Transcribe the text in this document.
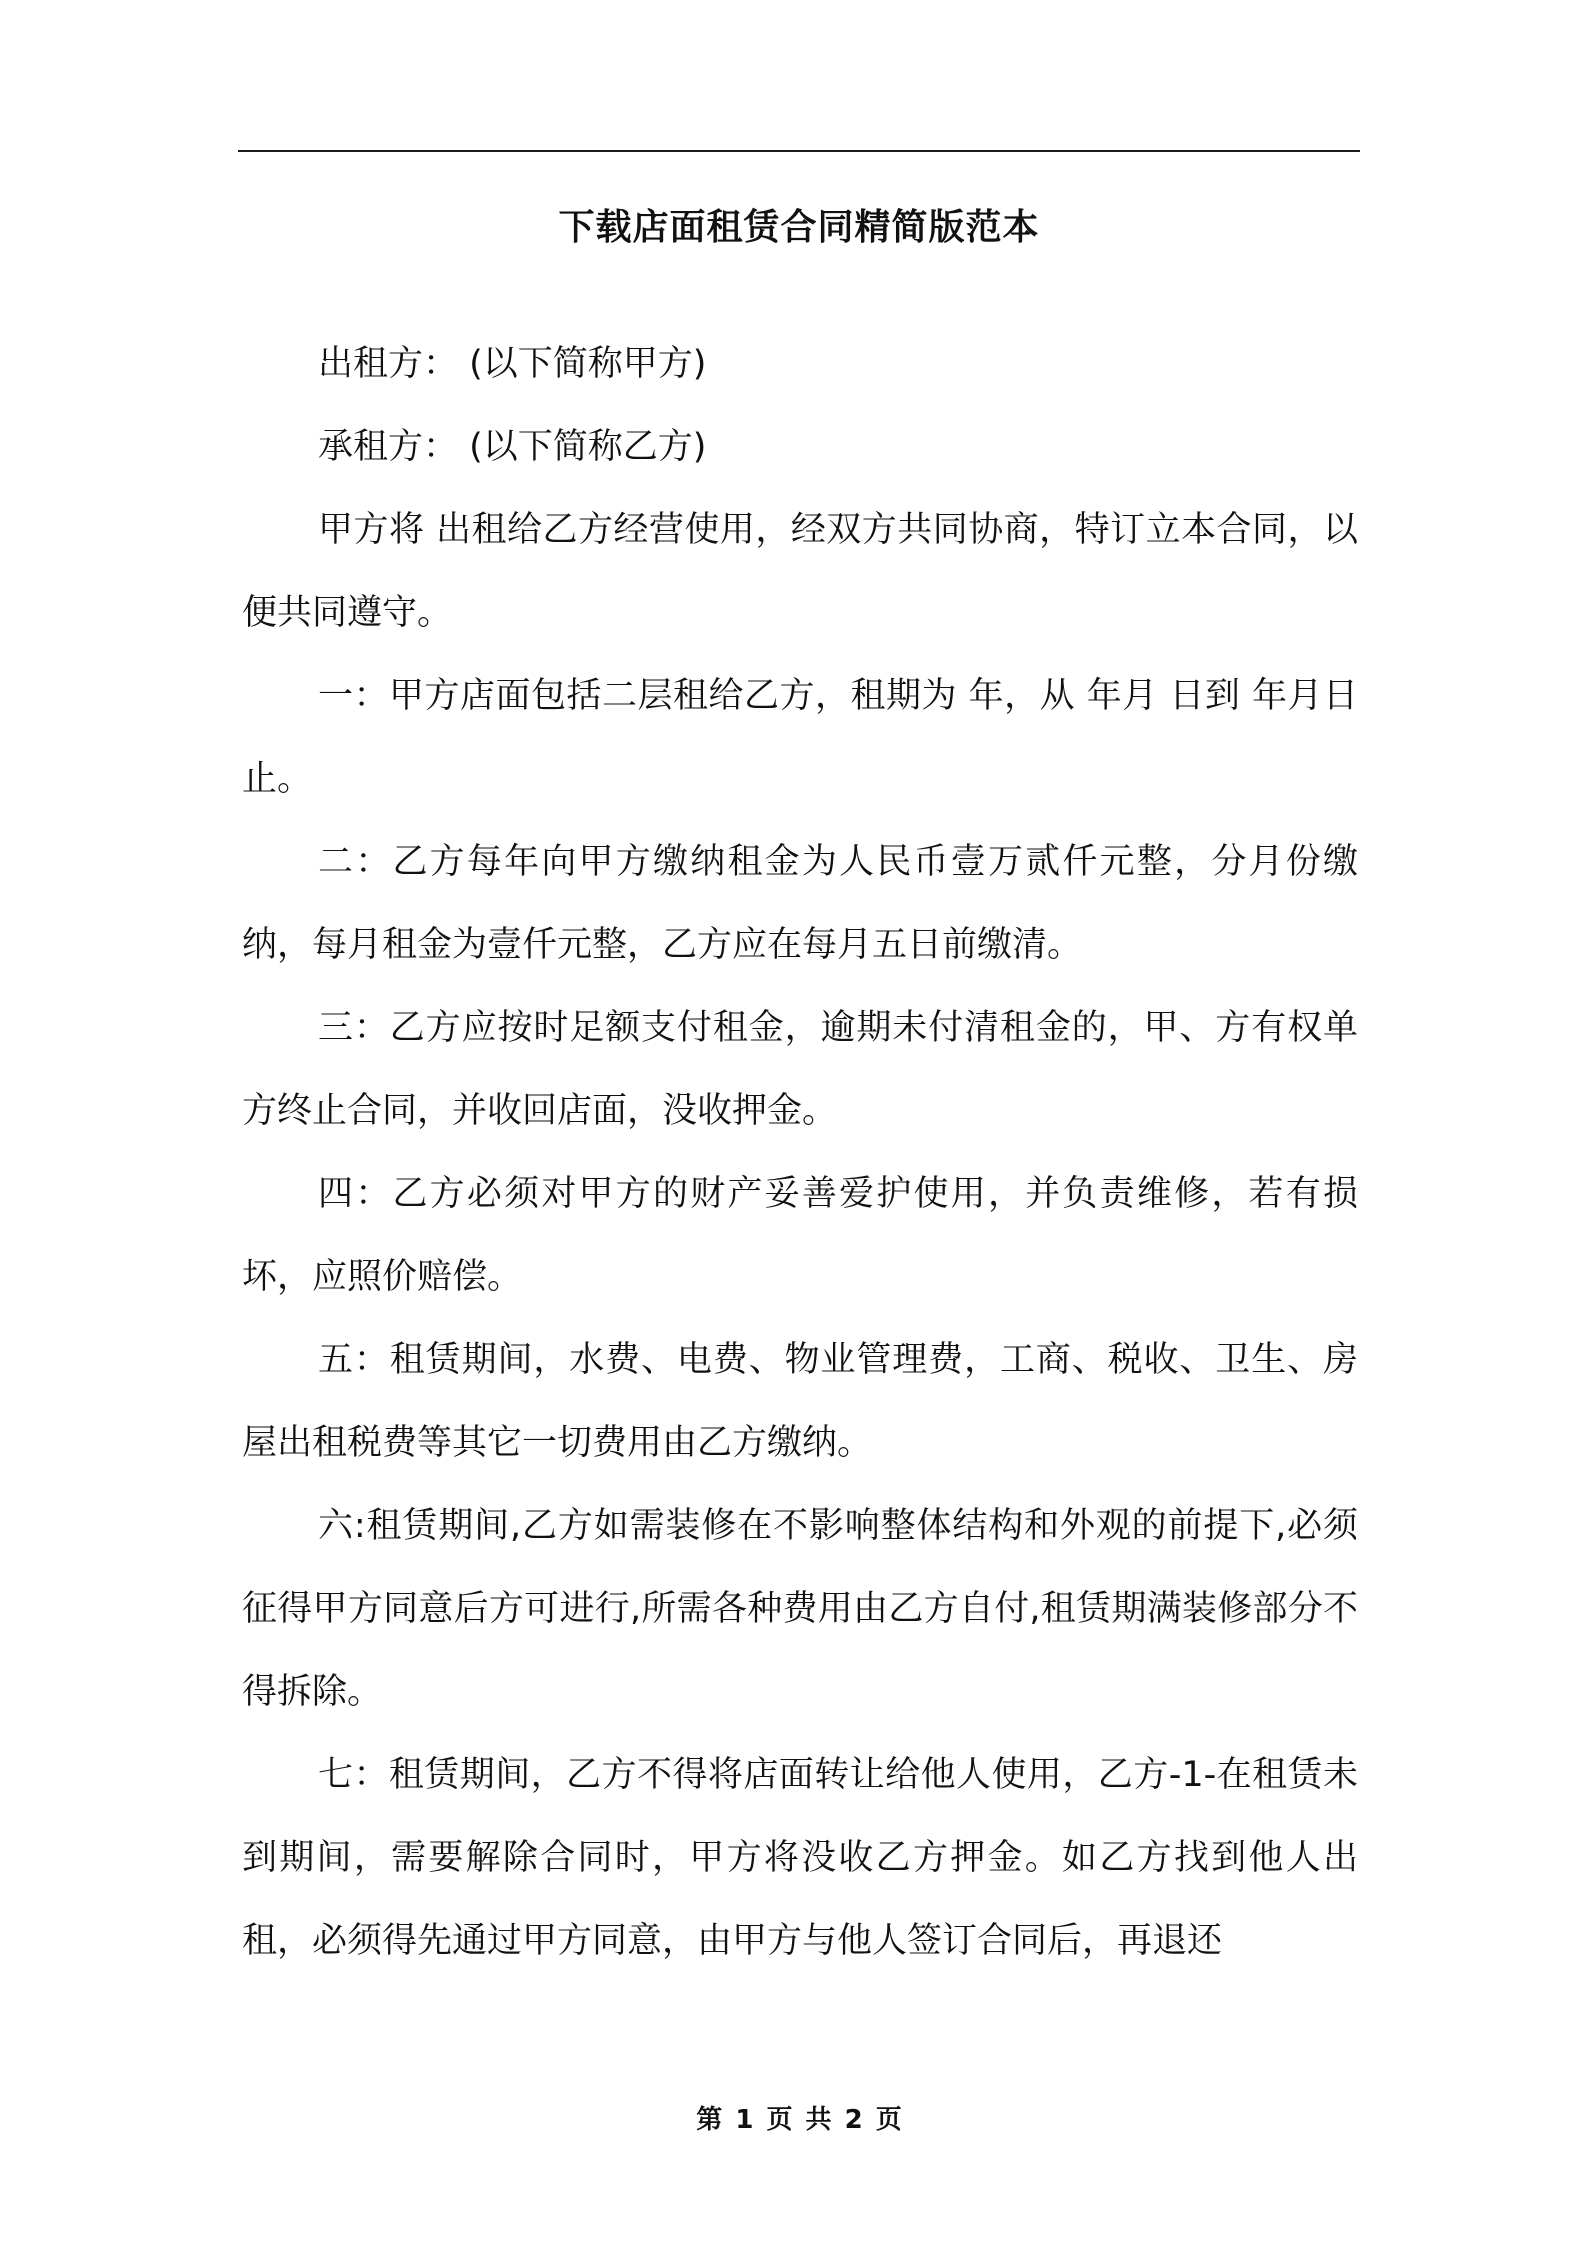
下载店面租赁合同精简版范本

出租方： (以下简称甲方)

承租方： (以下简称乙方)

甲方将 出租给乙方经营使用，经双方共同协商，特订立本合同，以便共同遵守。

一：甲方店面包括二层租给乙方，租期为 年，从 年月 日到 年月日止。

二：乙方每年向甲方缴纳租金为人民币壹万贰仟元整，分月份缴纳，每月租金为壹仟元整，乙方应在每月五日前缴清。

三：乙方应按时足额支付租金，逾期未付清租金的，甲、方有权单方终止合同，并收回店面，没收押金。

四：乙方必须对甲方的财产妥善爱护使用，并负责维修，若有损坏，应照价赔偿。

五：租赁期间，水费、电费、物业管理费，工商、税收、卫生、房屋出租税费等其它一切费用由乙方缴纳。

六:租赁期间,乙方如需装修在不影响整体结构和外观的前提下,必须征得甲方同意后方可进行,所需各种费用由乙方自付,租赁期满装修部分不得拆除。

七：租赁期间，乙方不得将店面转让给他人使用，乙方-1-在租赁未到期间，需要解除合同时，甲方将没收乙方押金。如乙方找到他人出租，必须得先通过甲方同意，由甲方与他人签订合同后，再退还

第 1 页 共 2 页
